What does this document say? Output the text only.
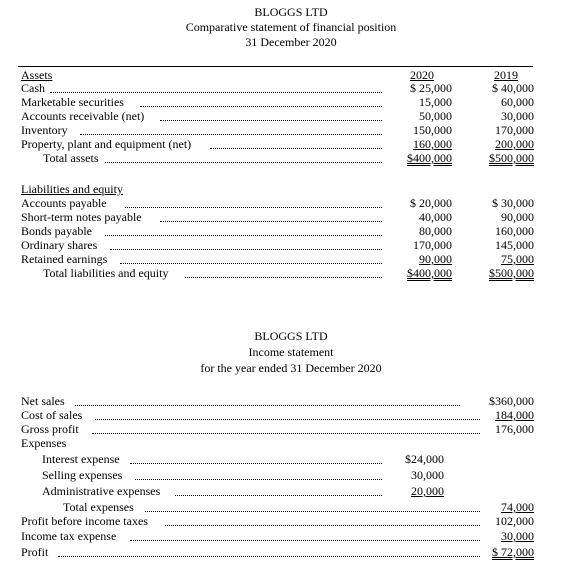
BLOGGS LTD
Comparative statement of financial position
31 December 2020
Assets	2020	2019
Cash	$ 25,000	$ 40,000
Marketable securities	15,000	60,000
Accounts receivable (net)	50,000	30,000
Inventory	150,000	170,000
Property, plant and equipment (net)	160,000	200,000
Total assets	$400,000	$500,000
Liabilities and equity
Accounts payable	$ 20,000	$ 30,000
Short-term notes payable	40,000	90,000
Bonds payable	80,000	160,000
Ordinary shares	170,000	145,000
Retained earnings	90,000	75,000
Total liabilities and equity	$400,000	$500,000
BLOGGS LTD
Income statement
for the year ended 31 December 2020
Net sales	$360,000
Cost of sales	184,000
Gross profit	176,000
Expenses
Interest expense	$24,000
Selling expenses	30,000
Administrative expenses	20,000
Total expenses	74,000
Profit before income taxes	102,000
Income tax expense	30,000
Profit	$ 72,000
